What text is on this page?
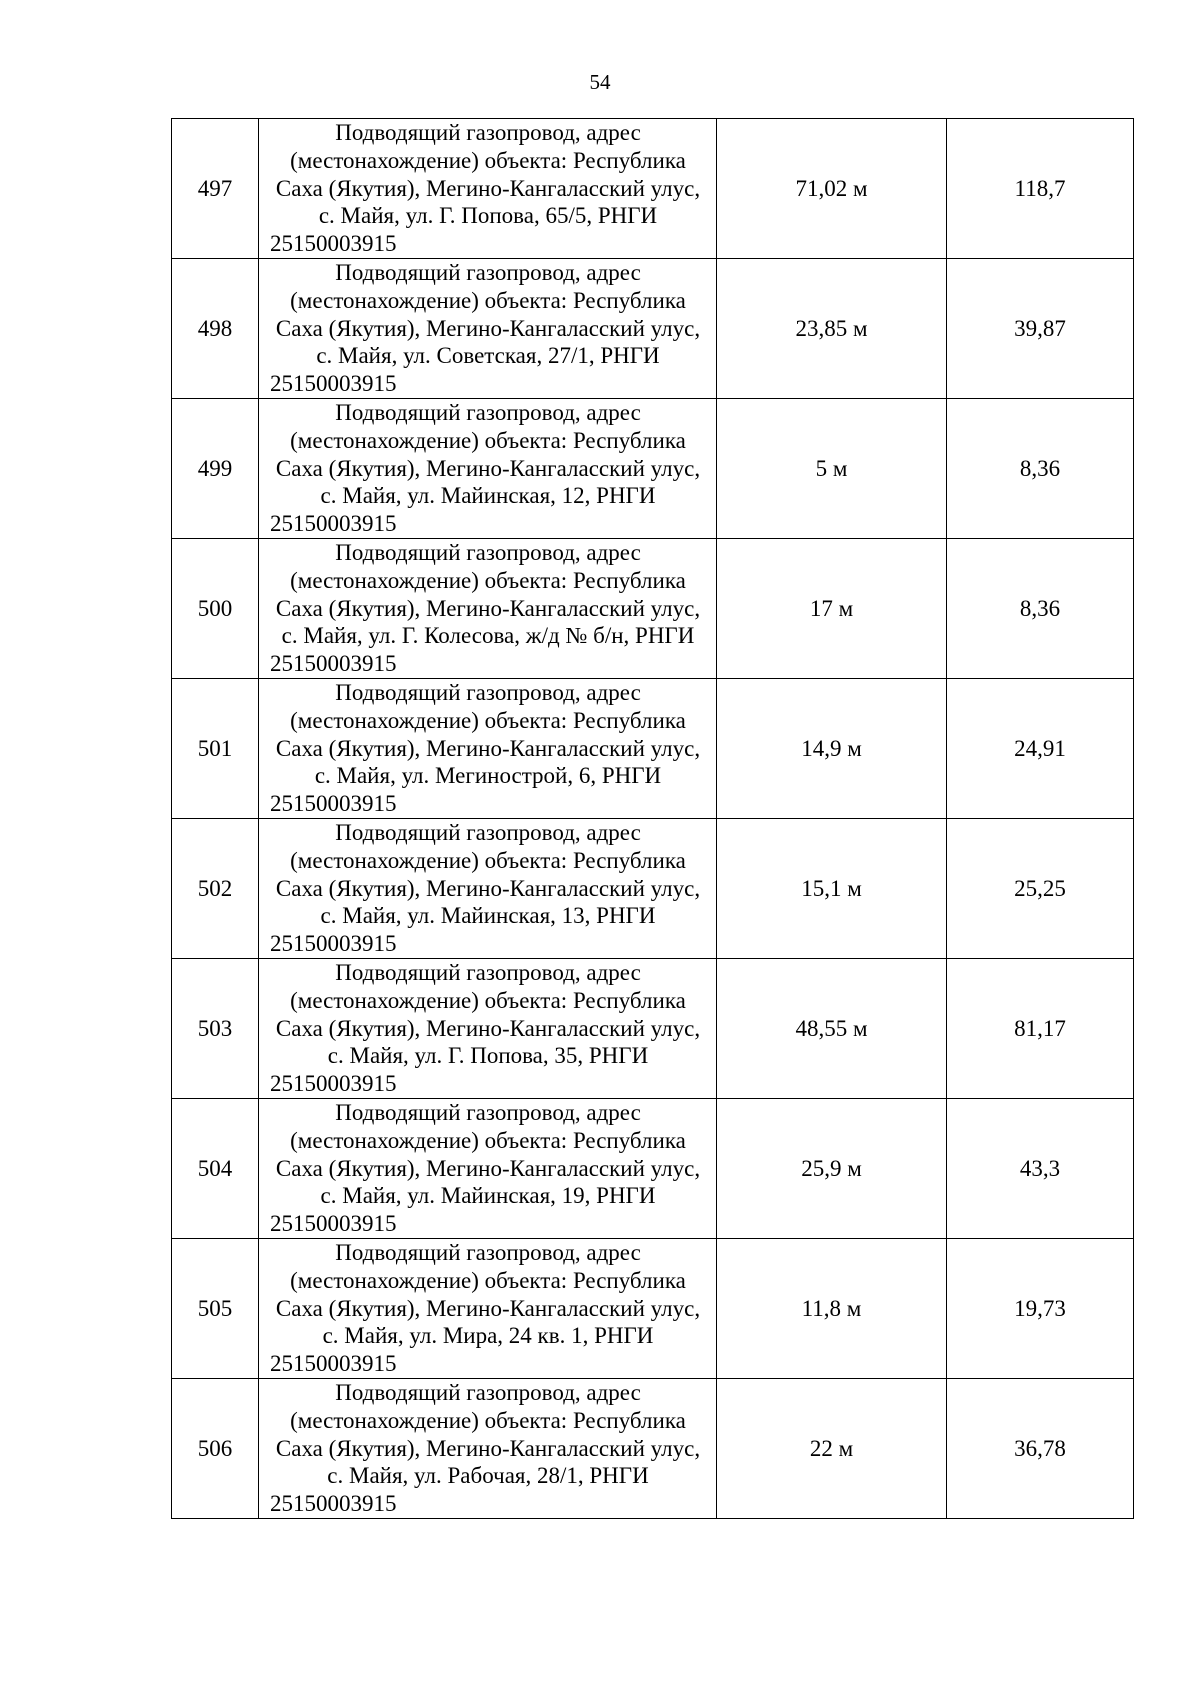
54
497	Подводящий газопровод, адрес (местонахождение) объекта: Республика Саха (Якутия), Мегино-Кангаласский улус, с. Майя, ул. Г. Попова, 65/5, РНГИ 25150003915	71,02 м	118,7
498	Подводящий газопровод, адрес (местонахождение) объекта: Республика Саха (Якутия), Мегино-Кангаласский улус, с. Майя, ул. Советская, 27/1, РНГИ 25150003915	23,85 м	39,87
499	Подводящий газопровод, адрес (местонахождение) объекта: Республика Саха (Якутия), Мегино-Кангаласский улус, с. Майя, ул. Майинская, 12, РНГИ 25150003915	5 м	8,36
500	Подводящий газопровод, адрес (местонахождение) объекта: Республика Саха (Якутия), Мегино-Кангаласский улус, с. Майя, ул. Г. Колесова, ж/д № б/н, РНГИ 25150003915	17 м	8,36
501	Подводящий газопровод, адрес (местонахождение) объекта: Республика Саха (Якутия), Мегино-Кангаласский улус, с. Майя, ул. Мегинострой, 6, РНГИ 25150003915	14,9 м	24,91
502	Подводящий газопровод, адрес (местонахождение) объекта: Республика Саха (Якутия), Мегино-Кангаласский улус, с. Майя, ул. Майинская, 13, РНГИ 25150003915	15,1 м	25,25
503	Подводящий газопровод, адрес (местонахождение) объекта: Республика Саха (Якутия), Мегино-Кангаласский улус, с. Майя, ул. Г. Попова, 35, РНГИ 25150003915	48,55 м	81,17
504	Подводящий газопровод, адрес (местонахождение) объекта: Республика Саха (Якутия), Мегино-Кангаласский улус, с. Майя, ул. Майинская, 19, РНГИ 25150003915	25,9 м	43,3
505	Подводящий газопровод, адрес (местонахождение) объекта: Республика Саха (Якутия), Мегино-Кангаласский улус, с. Майя, ул. Мира, 24 кв. 1, РНГИ 25150003915	11,8 м	19,73
506	Подводящий газопровод, адрес (местонахождение) объекта: Республика Саха (Якутия), Мегино-Кангаласский улус, с. Майя, ул. Рабочая, 28/1, РНГИ 25150003915	22 м	36,78
